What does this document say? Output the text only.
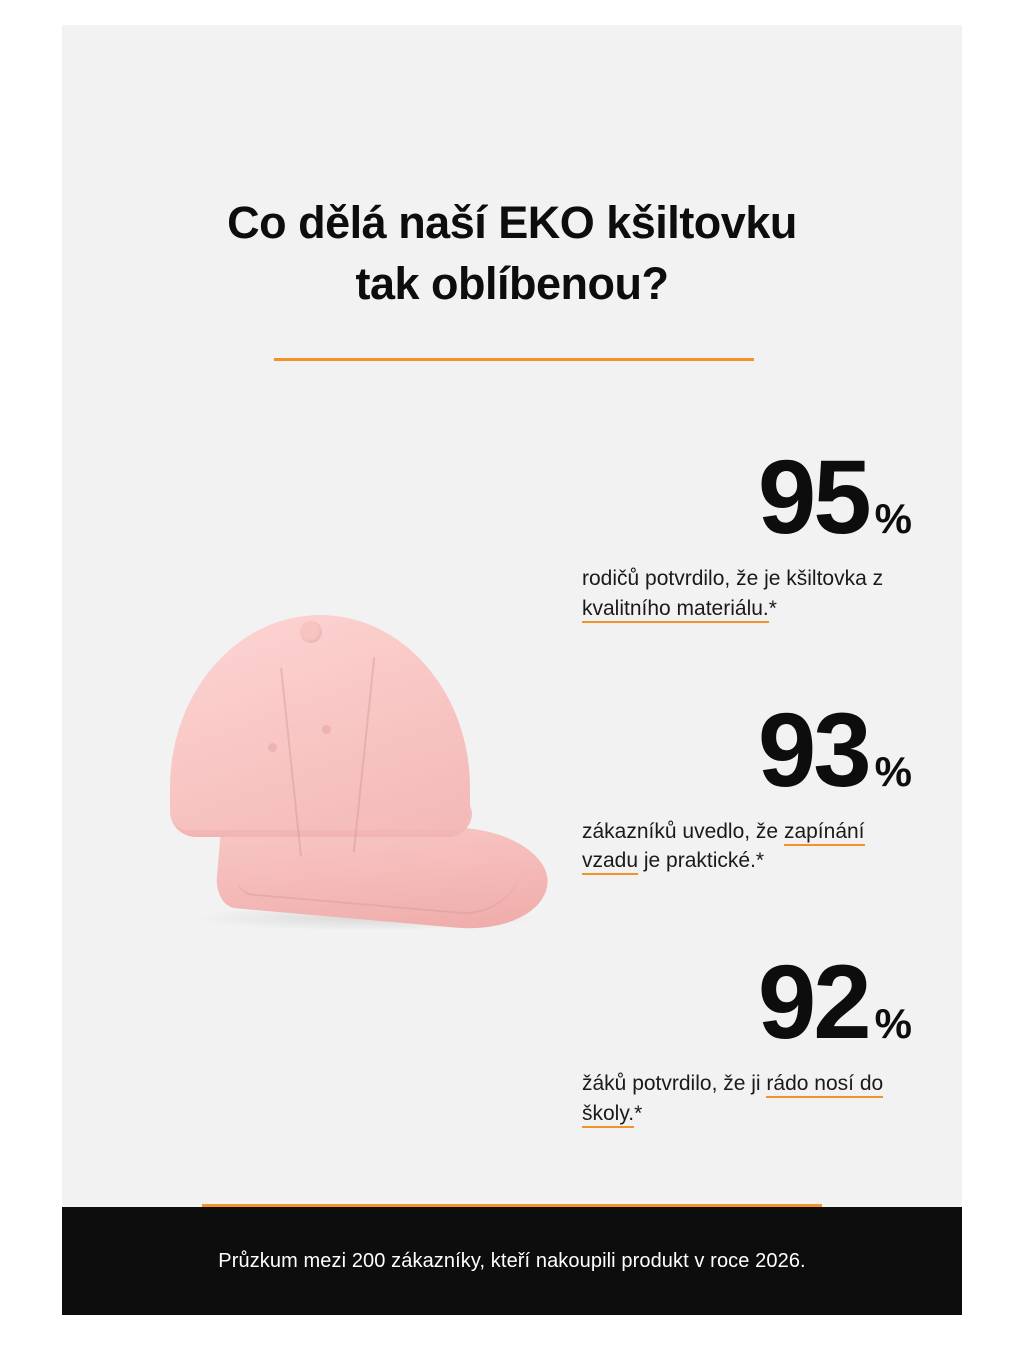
Co dělá naší EKO kšiltovku
tak oblíbenou?
95 %
rodičů potvrdilo, že je kšiltovka z kvalitního materiálu.*
93 %
zákazníků uvedlo, že zapínání vzadu je praktické.*
92 %
žáků potvrdilo, že ji rádo nosí do školy.*
Průzkum mezi 200 zákazníky, kteří nakoupili produkt v roce 2026.
